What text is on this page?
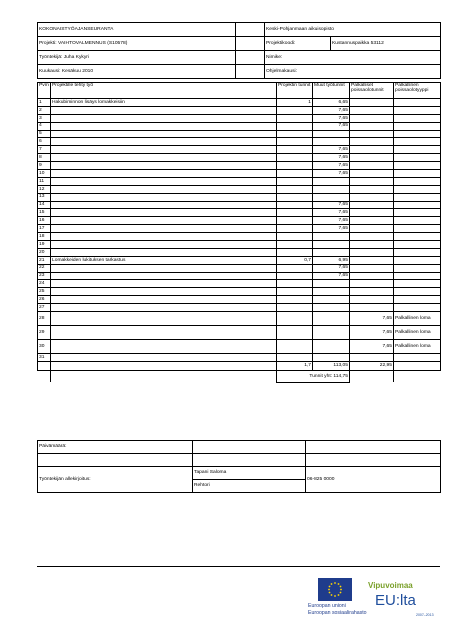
KOKONAISTYÖAJANSEURANTA		Keski-Pohjanmaan aikuisopisto	
Projekti: VAIHTOVALMENNUS (S10578)		Projektikoodi:	Kustannuspaikka 53112
Työntekijä: Juha Kykyri		Nimike:	
Kuukausi: Kesäkuu 2010		Ohjelmakausi:	
Pvm	Projektille tehty työ	Projektin tunnit	Muut työtunnit	Palkalliset poissaolotunnit	Palkallinen poissaolotyyppi
1	Hakubiminnon lisäys lomakkeisiin	1	6,65		
2			7,65		
3			7,65		
4			7,65		
5					
6					
7			7,65		
8			7,65		
9			7,65		
10			7,65		
11					
12					
13					
14			7,65		
15			7,65		
16			7,65		
17			7,65		
18					
19					
20					
21	Lomakkeiden lukituksen tarkastus	0,7	6,95		
22			7,65		
23			7,65		
24					
25					
26					
27					
28				7,65	Palkallinen loma
29				7,65	Palkallinen loma
30				7,65	Palkallinen loma
31					
		1,7	113,05	22,95	
		Tunnit yht: 114,75			
Päivämäärä:		

Työntekijän allekirjoitus:	Tapani Saloma	06-825 0000
	Rehtori	
Euroopan unioni
Euroopan sosiaalirahasto
Vipuvoimaa
EU:lta
2007–2013
